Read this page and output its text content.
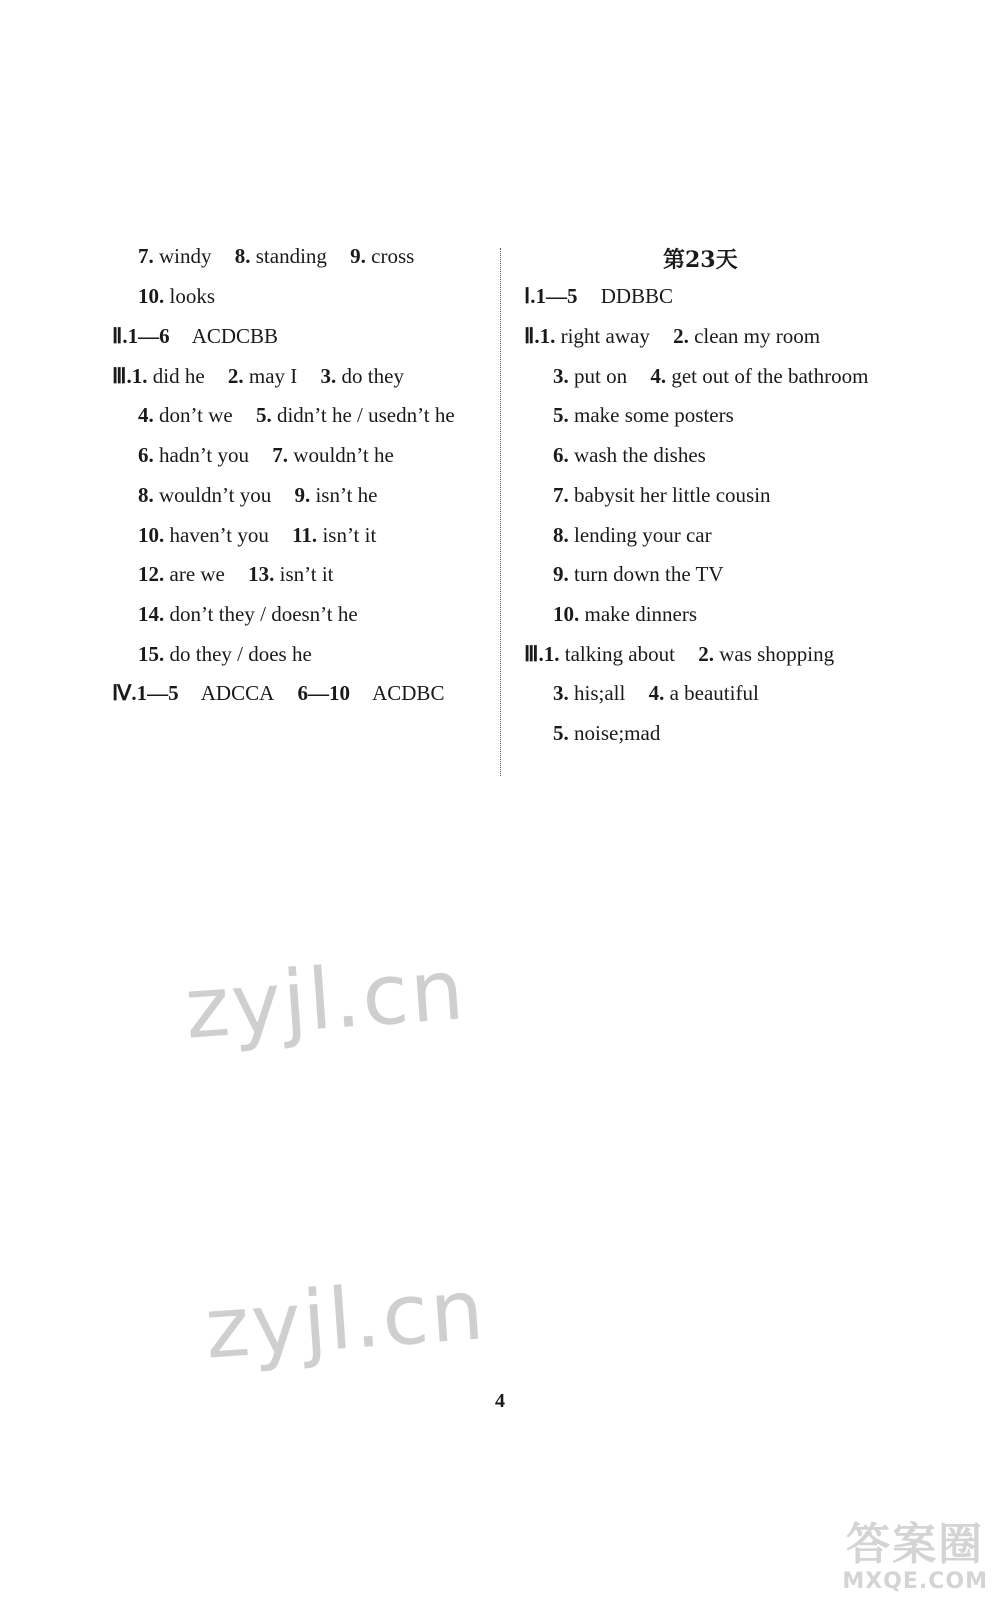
7. windy 8. standing 9. cross
10. looks
Ⅱ.1—6 ACDCBB
Ⅲ.1. did he 2. may I 3. do they
4. don’t we 5. didn’t he / usedn’t he
6. hadn’t you 7. wouldn’t he
8. wouldn’t you 9. isn’t he
10. haven’t you 11. isn’t it
12. are we 13. isn’t it
14. don’t they / doesn’t he
15. do they / does he
Ⅳ.1—5 ADCCA 6—10 ACDBC
第23天
Ⅰ.1—5 DDBBC
Ⅱ.1. right away 2. clean my room
3. put on 4. get out of the bathroom
5. make some posters
6. wash the dishes
7. babysit her little cousin
8. lending your car
9. turn down the TV
10. make dinners
Ⅲ.1. talking about 2. was shopping
3. his;all 4. a beautiful
5. noise;mad
zyjl.cn
zyjl.cn
4
答案圈
MXQE.COM
